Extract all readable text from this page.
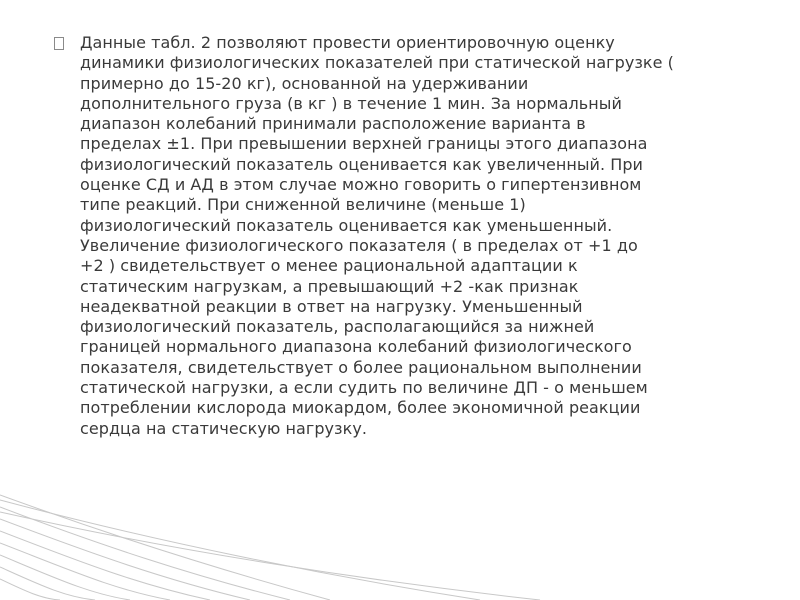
Данные табл. 2 позволяют провести ориентировочную оценку
динамики физиологических показателей при статической нагрузке (
примерно до 15-20 кг), основанной на удерживании
дополнительного груза (в кг ) в течение 1 мин. За нормальный
диапазон колебаний принимали расположение варианта в
пределах ±1. При превышении верхней границы этого диапазона
физиологический показатель оценивается как увеличенный. При
оценке СД и АД в этом случае можно говорить о гипертензивном
типе реакций. При сниженной величине (меньше 1)
физиологический показатель оценивается как уменьшенный.
Увеличение физиологического показателя ( в пределах от +1 до
+2 ) свидетельствует о менее рациональной адаптации к
статическим нагрузкам, а превышающий +2 -как признак
неадекватной реакции в ответ на нагрузку. Уменьшенный
физиологический показатель, располагающийся за нижней
границей нормального диапазона колебаний физиологического
показателя, свидетельствует о более рациональном выполнении
статической нагрузки, а если судить по величине ДП - о меньшем
потреблении кислорода миокардом, более экономичной реакции
сердца на статическую нагрузку.
